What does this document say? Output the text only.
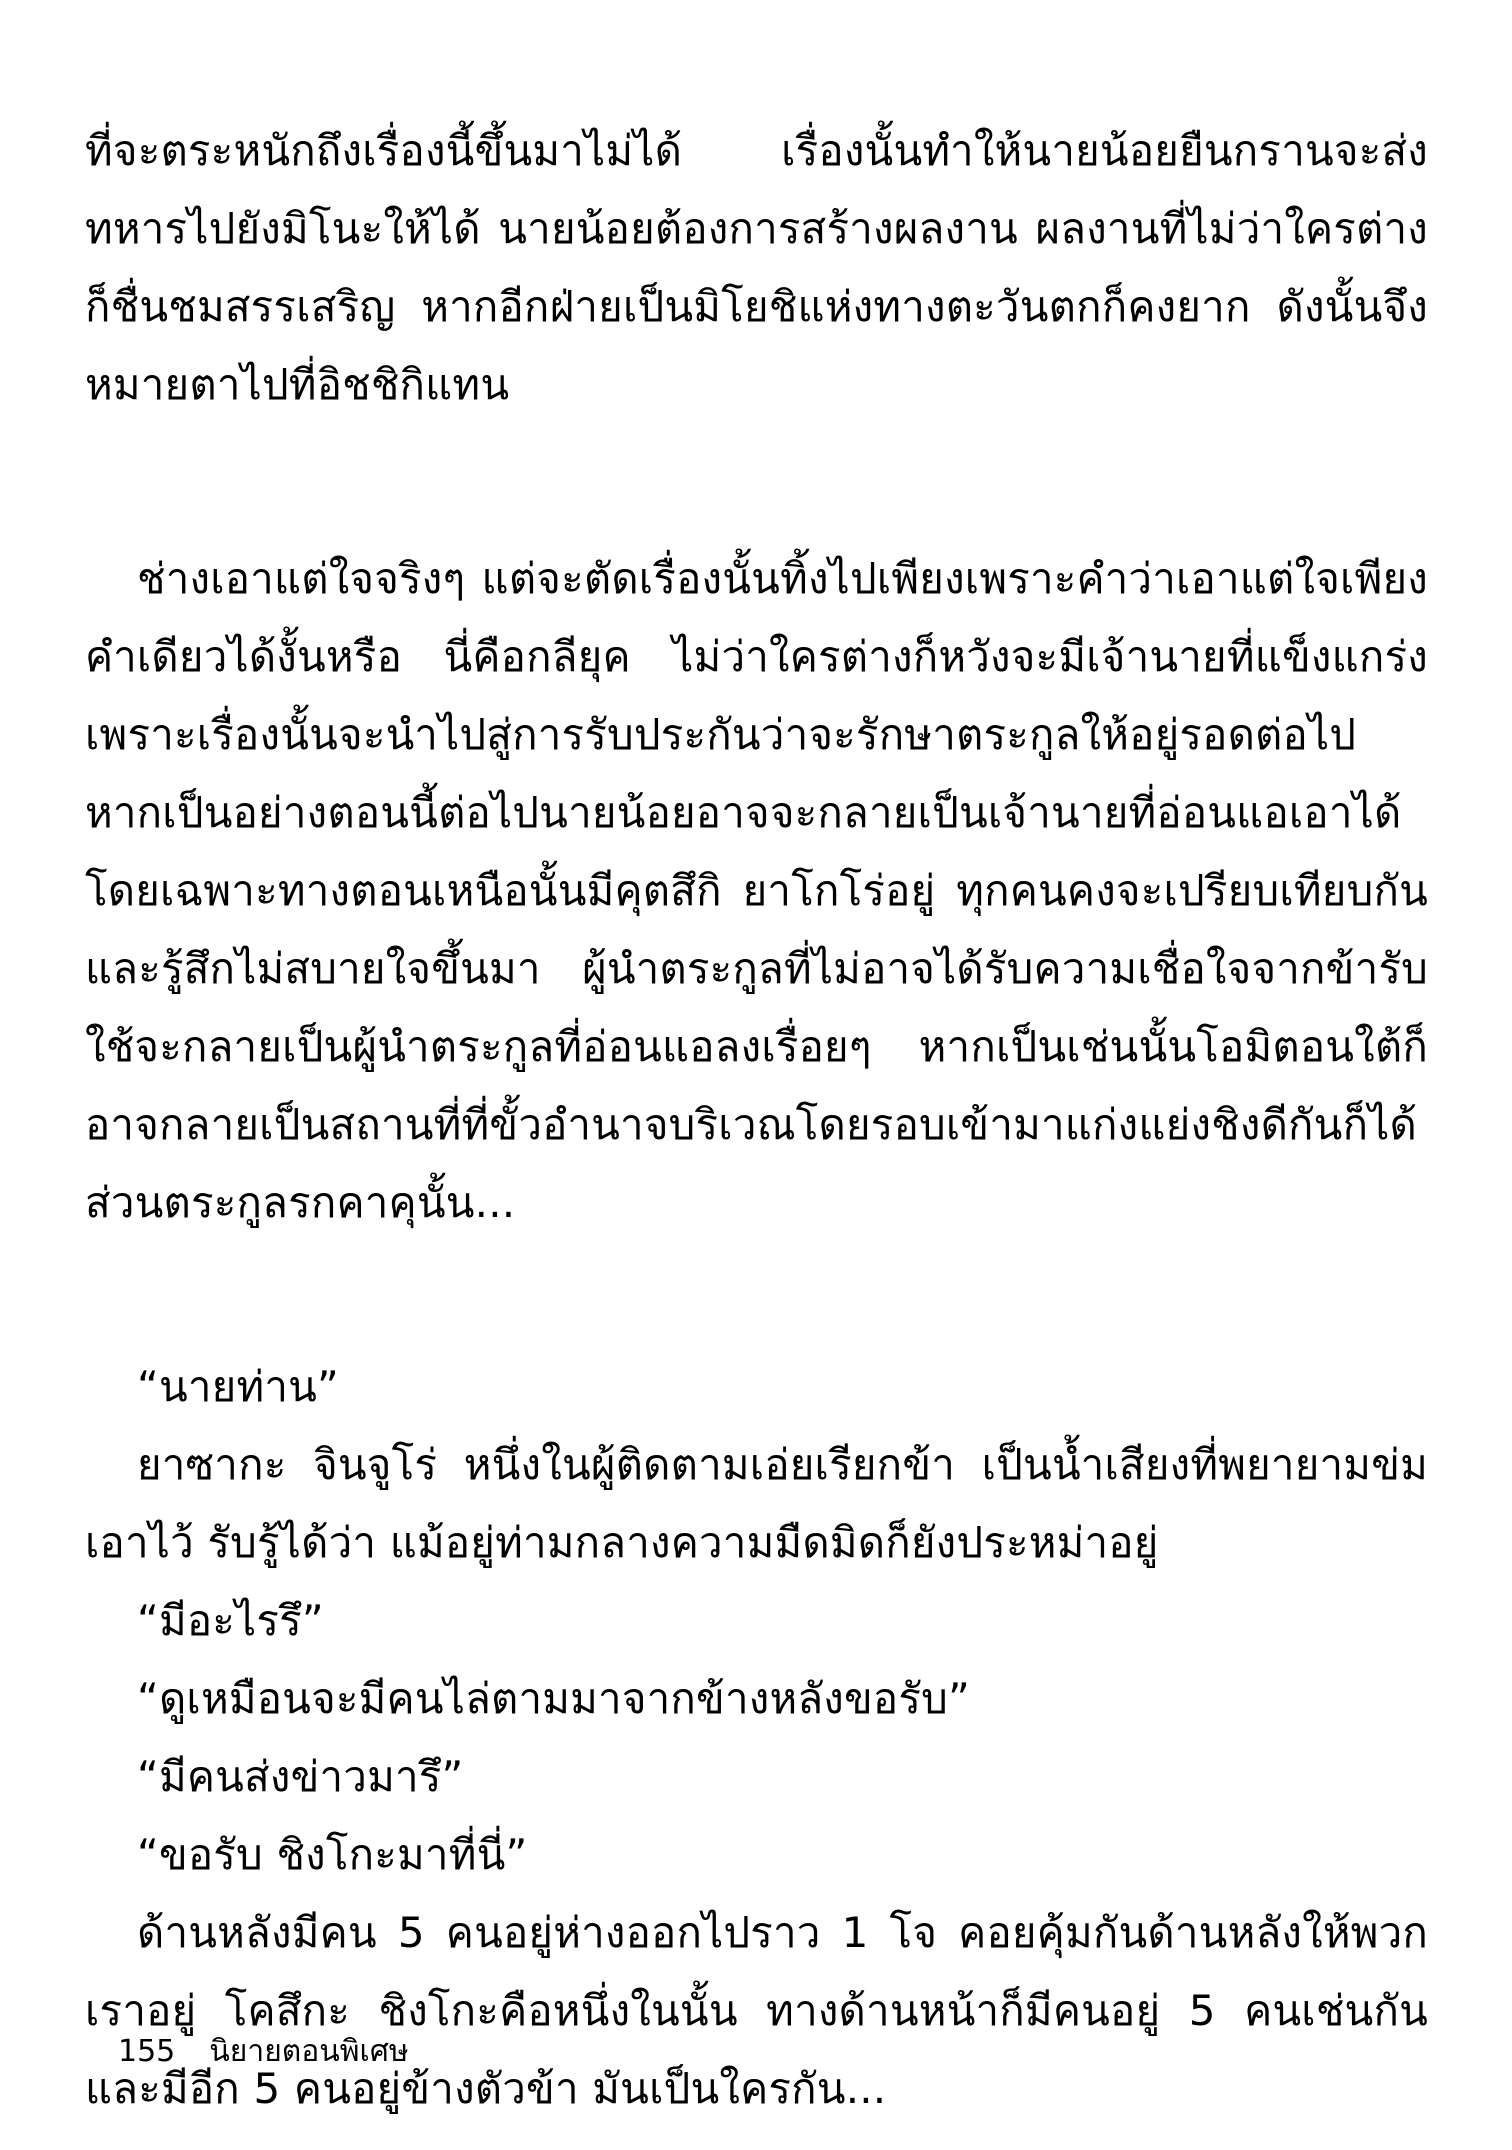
ที่จะตระหนักถึงเรื่องนี้ขึ้นมาไม่ได้ เรื่องนั้นทำให้นายน้อยยืนกรานจะส่งทหารไปยังมิโนะให้ได้ นายน้อยต้องการสร้างผลงาน ผลงานที่ไม่ว่าใครต่างก็ชื่นชมสรรเสริญ หากอีกฝ่ายเป็นมิโยชิแห่งทางตะวันตกก็คงยาก ดังนั้นจึงหมายตาไปที่อิชชิกิแทน

ช่างเอาแต่ใจจริงๆ แต่จะตัดเรื่องนั้นทิ้งไปเพียงเพราะคำว่าเอาแต่ใจเพียงคำเดียวได้งั้นหรือ นี่คือกลียุค ไม่ว่าใครต่างก็หวังจะมีเจ้านายที่แข็งแกร่งเพราะเรื่องนั้นจะนำไปสู่การรับประกันว่าจะรักษาตระกูลให้อยู่รอดต่อไป หากเป็นอย่างตอนนี้ต่อไปนายน้อยอาจจะกลายเป็นเจ้านายที่อ่อนแอเอาได้โดยเฉพาะทางตอนเหนือนั้นมีคุตสึกิ ยาโกโร่อยู่ ทุกคนคงจะเปรียบเทียบกันและรู้สึกไม่สบายใจขึ้นมา ผู้นำตระกูลที่ไม่อาจได้รับความเชื่อใจจากข้ารับใช้จะกลายเป็นผู้นำตระกูลที่อ่อนแอลงเรื่อยๆ หากเป็นเช่นนั้นโอมิตอนใต้ก็อาจกลายเป็นสถานที่ที่ขั้วอำนาจบริเวณโดยรอบเข้ามาแก่งแย่งชิงดีกันก็ได้ ส่วนตระกูลรกคาคุนั้น...

“นายท่าน”

ยาซากะ จินจูโร่ หนึ่งในผู้ติดตามเอ่ยเรียกข้า เป็นน้ำเสียงที่พยายามข่มเอาไว้ รับรู้ได้ว่า แม้อยู่ท่ามกลางความมืดมิดก็ยังประหม่าอยู่

“มีอะไรรึ”

“ดูเหมือนจะมีคนไล่ตามมาจากข้างหลังขอรับ”

“มีคนส่งข่าวมารึ”

“ขอรับ ชิงโกะมาที่นี่”

ด้านหลังมีคน 5 คนอยู่ห่างออกไปราว 1 โจ คอยคุ้มกันด้านหลังให้พวกเราอยู่ โคสึกะ ชิงโกะคือหนึ่งในนั้น ทางด้านหน้าก็มีคนอยู่ 5 คนเช่นกัน และมีอีก 5 คนอยู่ข้างตัวข้า มันเป็นใครกัน...

155 นิยายตอนพิเศษ
